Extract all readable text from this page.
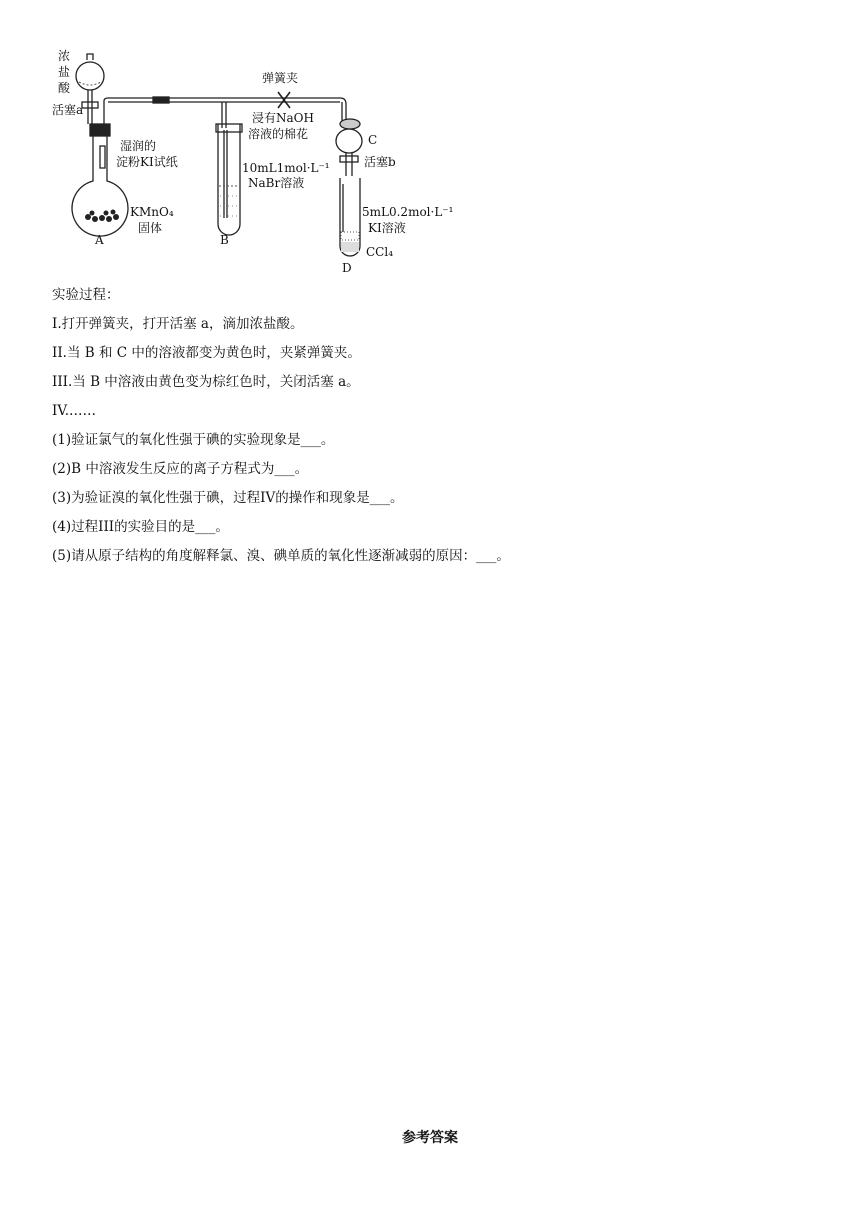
浓
盐
酸
活塞a
弹簧夹
浸有NaOH
溶液的棉花	C
活塞b
湿润的
淀粉KI试纸	10mL1mol·L⁻¹
NaBr溶液
5mL0.2mol·L⁻¹
KI溶液
CCl₄
KMnO₄
固体
A	B
D
实验过程：
I.打开弹簧夹，打开活塞 a，滴加浓盐酸。
II.当 B 和 C 中的溶液都变为黄色时，夹紧弹簧夹。
III.当 B 中溶液由黄色变为棕红色时，关闭活塞 a。
IV.……
(1)验证氯气的氧化性强于碘的实验现象是___。
(2)B 中溶液发生反应的离子方程式为___。
(3)为验证溴的氧化性强于碘，过程IV的操作和现象是___。
(4)过程III的实验目的是___。
(5)请从原子结构的角度解释氯、溴、碘单质的氧化性逐渐减弱的原因：___。
参考答案
